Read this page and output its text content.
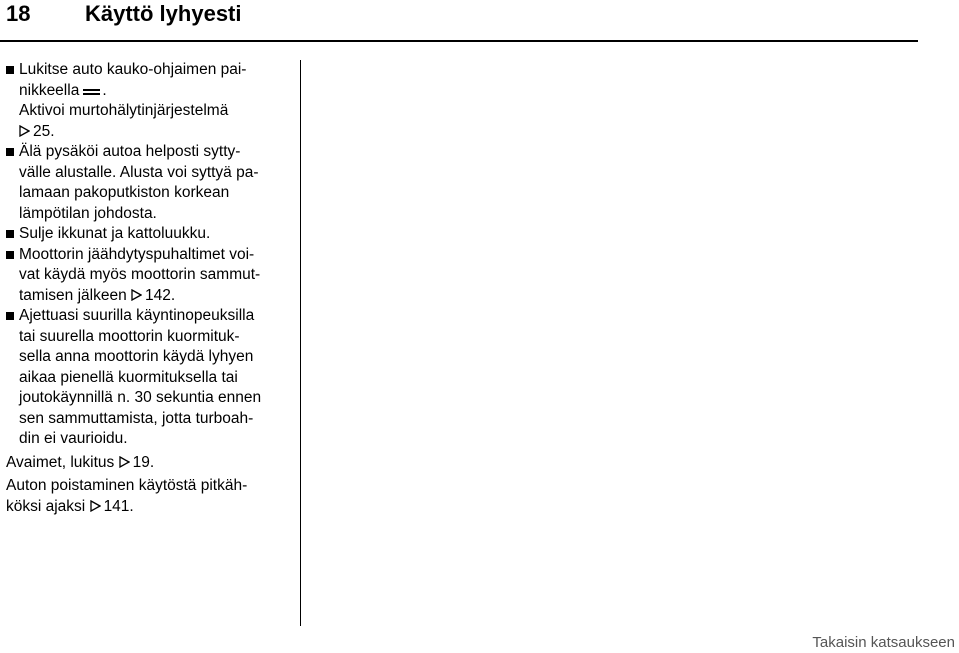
18 Käyttö lyhyesti
Lukitse auto kauko-ohjaimen pai-
nikkeella .
Aktivoi murtohälytinjärjestelmä
25.
Älä pysäköi autoa helposti sytty-
välle alustalle. Alusta voi syttyä pa-
lamaan pakoputkiston korkean
lämpötilan johdosta.
Sulje ikkunat ja kattoluukku.
Moottorin jäähdytyspuhaltimet voi-
vat käydä myös moottorin sammut-
tamisen jälkeen 142.
Ajettuasi suurilla käyntinopeuksilla
tai suurella moottorin kuormituk-
sella anna moottorin käydä lyhyen
aikaa pienellä kuormituksella tai
joutokäynnillä n. 30 sekuntia ennen
sen sammuttamista, jotta turboah-
din ei vaurioidu.

Avaimet, lukitus 19.

Auton poistaminen käytöstä pitkäh-
köksi ajaksi 141.

Takaisin katsaukseen
